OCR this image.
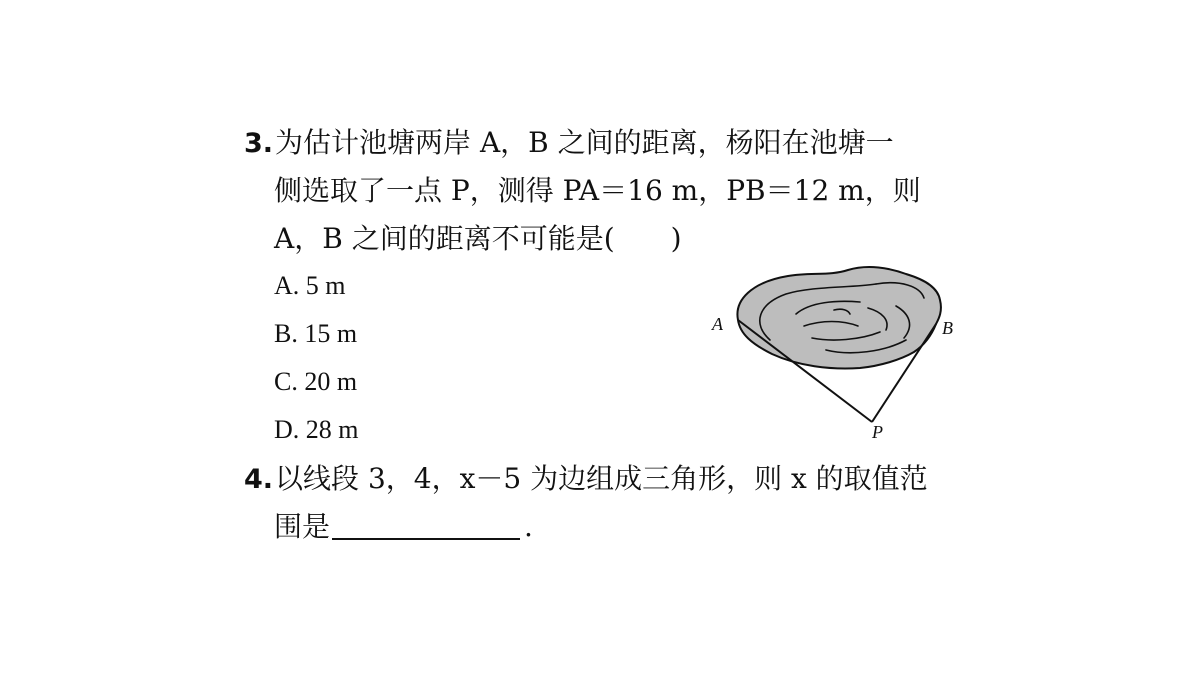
3.为估计池塘两岸 A，B 之间的距离，杨阳在池塘一
侧选取了一点 P，测得 PA＝16 m，PB＝12 m，则
A，B 之间的距离不可能是(　　)
A. 5 m
B. 15 m
C. 20 m
D. 28 m
A	B
P
4.以线段 3，4，x－5 为边组成三角形，则 x 的取值范
围是	.
